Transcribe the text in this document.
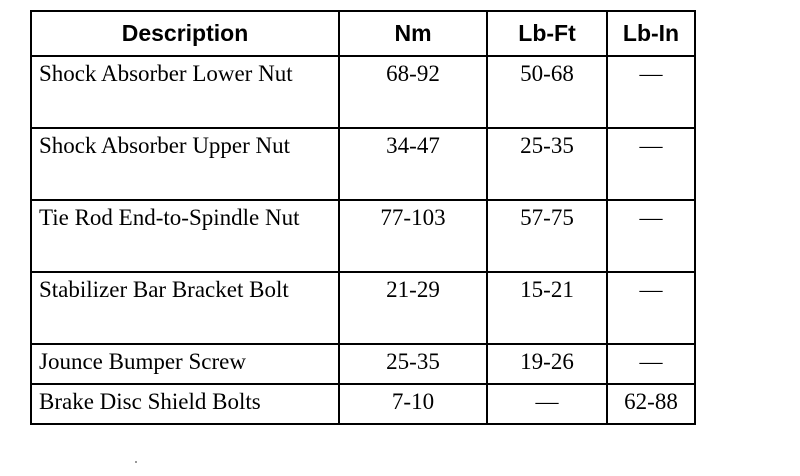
Description	Nm	Lb-Ft	Lb-In
Shock Absorber Lower Nut	68-92	50-68	—
Shock Absorber Upper Nut	34-47	25-35	—
Tie Rod End-to-Spindle Nut	77-103	57-75	—
Stabilizer Bar Bracket Bolt	21-29	15-21	—
Jounce Bumper Screw	25-35	19-26	—
Brake Disc Shield Bolts	7-10	—	62-88
